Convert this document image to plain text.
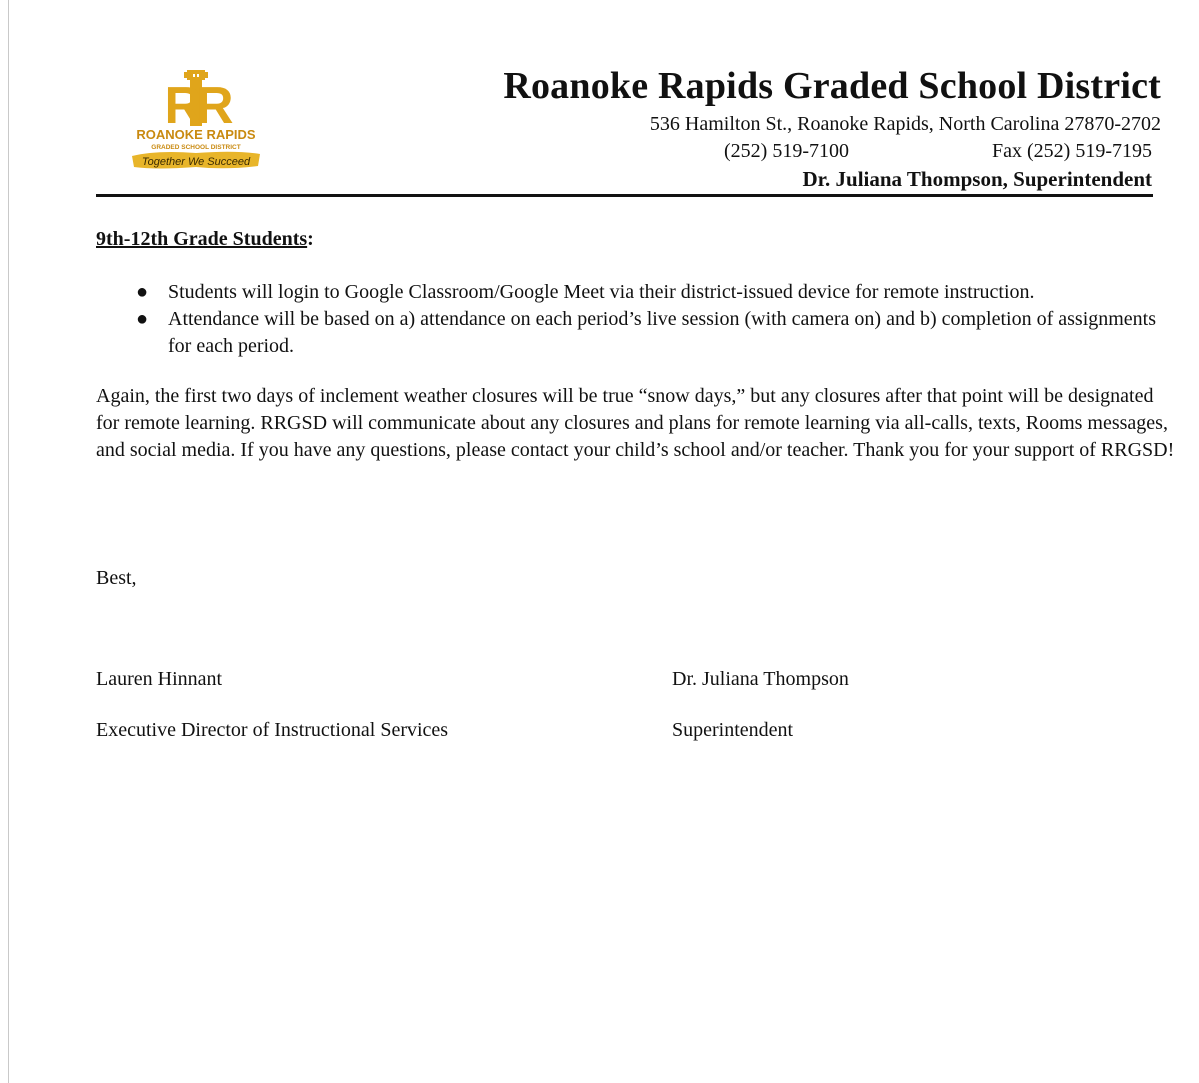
RR
ROANOKE RAPIDS
GRADED SCHOOL DISTRICT
Together We Succeed
Roanoke Rapids Graded School District
536 Hamilton St., Roanoke Rapids, North Carolina 27870-2702
(252) 519-7100	Fax (252) 519-7195
Dr. Juliana Thompson, Superintendent
9th-12th Grade Students:
● Students will login to Google Classroom/Google Meet via their district-issued device for remote instruction.
● Attendance will be based on a) attendance on each period’s live session (with camera on) and b) completion of assignments for each period.

Again, the first two days of inclement weather closures will be true “snow days,” but any closures after that point will be designated for remote learning. RRGSD will communicate about any closures and plans for remote learning via all-calls, texts, Rooms messages, and social media. If you have any questions, please contact your child’s school and/or teacher. Thank you for your support of RRGSD!

Best,
Lauren Hinnant
Executive Director of Instructional Services
Dr. Juliana Thompson
Superintendent
